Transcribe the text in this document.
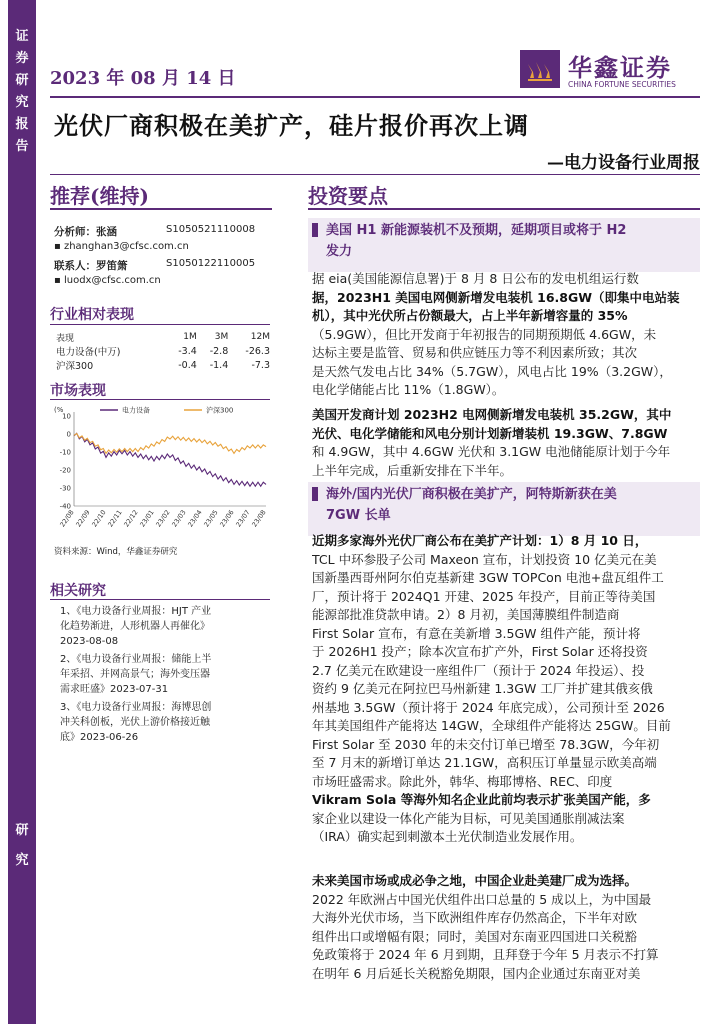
证
券
研
究
报
告
研
究
2023 年 08 月 14 日	华鑫证券
CHINA FORTUNE SECURITIES
光伏厂商积极在美扩产，硅片报价再次上调
—电力设备行业周报
推荐(维持)	投资要点
分析师：张涵	S1050521110008
▪ zhanghan3@cfsc.com.cn
联系人：罗笛箫	S1050122110005
▪ luodx@cfsc.com.cn
行业相对表现
表现	1M	3M	12M
电力设备(中万)	-3.4	-2.8	-26.3
沪深300	-0.4	-1.4	-7.3
市场表现
(%
10
0
-10
-20
-30
-40
22/08
22/09
22/10
22/11
22/12
23/01
23/02
23/03
23/04
23/05
23/06
23/07
23/08
电力设备	沪深300
资料来源：Wind，华鑫证券研究
相关研究
1、《电力设备行业周报：HJT 产业
化趋势渐进，人形机器人再催化》
2023-08-08
2、《电力设备行业周报：储能上半
年采招、并网高景气；海外变压器
需求旺盛》2023-07-31
3、《电力设备行业周报：海博思创
冲关科创板，光伏上游价格接近触
底》2023-06-26
美国 H1 新能源装机不及预期，延期项目或将于 H2
发力
据 eia(美国能源信息署)于 8 月 8 日公布的发电机组运行数
据，2023H1 美国电网侧新增发电装机 16.8GW（即集中电站装
机），其中光伏所占份额最大，占上半年新增容量的 35%
（5.9GW），但比开发商于年初报告的同期预期低 4.6GW，未
达标主要是监管、贸易和供应链压力等不利因素所致；其次
是天然气发电占比 34%（5.7GW），风电占比 19%（3.2GW），
电化学储能占比 11%（1.8GW）。
美国开发商计划 2023H2 电网侧新增发电装机 35.2GW，其中
光伏、电化学储能和风电分别计划新增装机 19.3GW、7.8GW
和 4.9GW，其中 4.6GW 光伏和 3.1GW 电池储能原计划于今年
上半年完成，后重新安排在下半年。
海外/国内光伏厂商积极在美扩产，阿特斯新获在美
7GW 长单
近期多家海外光伏厂商公布在美扩产计划：1）8 月 10 日，
TCL 中环参股子公司 Maxeon 宣布，计划投资 10 亿美元在美
国新墨西哥州阿尔伯克基新建 3GW TOPCon 电池+盘瓦组件工
厂，预计将于 2024Q1 开建、2025 年投产，目前正等待美国
能源部批准贷款申请。2）8 月初，美国薄膜组件制造商
First Solar 宣布，有意在美新增 3.5GW 组件产能，预计将
于 2026H1 投产；除本次宣布扩产外，First Solar 还将投资
2.7 亿美元在欧建设一座组件厂（预计于 2024 年投运）、投
资约 9 亿美元在阿拉巴马州新建 1.3GW 工厂并扩建其俄亥俄
州基地 3.5GW（预计将于 2024 年底完成），公司预计至 2026
年其美国组件产能将达 14GW，全球组件产能将达 25GW。目前
First Solar 至 2030 年的未交付订单已增至 78.3GW，今年初
至 7 月末的新增订单达 21.1GW，高积压订单量显示欧美高端
市场旺盛需求。除此外，韩华、梅耶博格、REC、印度
Vikram Sola 等海外知名企业此前均表示扩张美国产能，多
家企业以建设一体化产能为目标，可见美国通胀削减法案
（IRA）确实起到刺激本土光伏制造业发展作用。
未来美国市场或成必争之地，中国企业赴美建厂成为选择。
2022 年欧洲占中国光伏组件出口总量的 5 成以上，为中国最
大海外光伏市场，当下欧洲组件库存仍然高企，下半年对欧
组件出口或增幅有限；同时，美国对东南亚四国进口关税豁
免政策将于 2024 年 6 月到期，且拜登于今年 5 月表示不打算
在明年 6 月后延长关税豁免期限，国内企业通过东南亚对美
